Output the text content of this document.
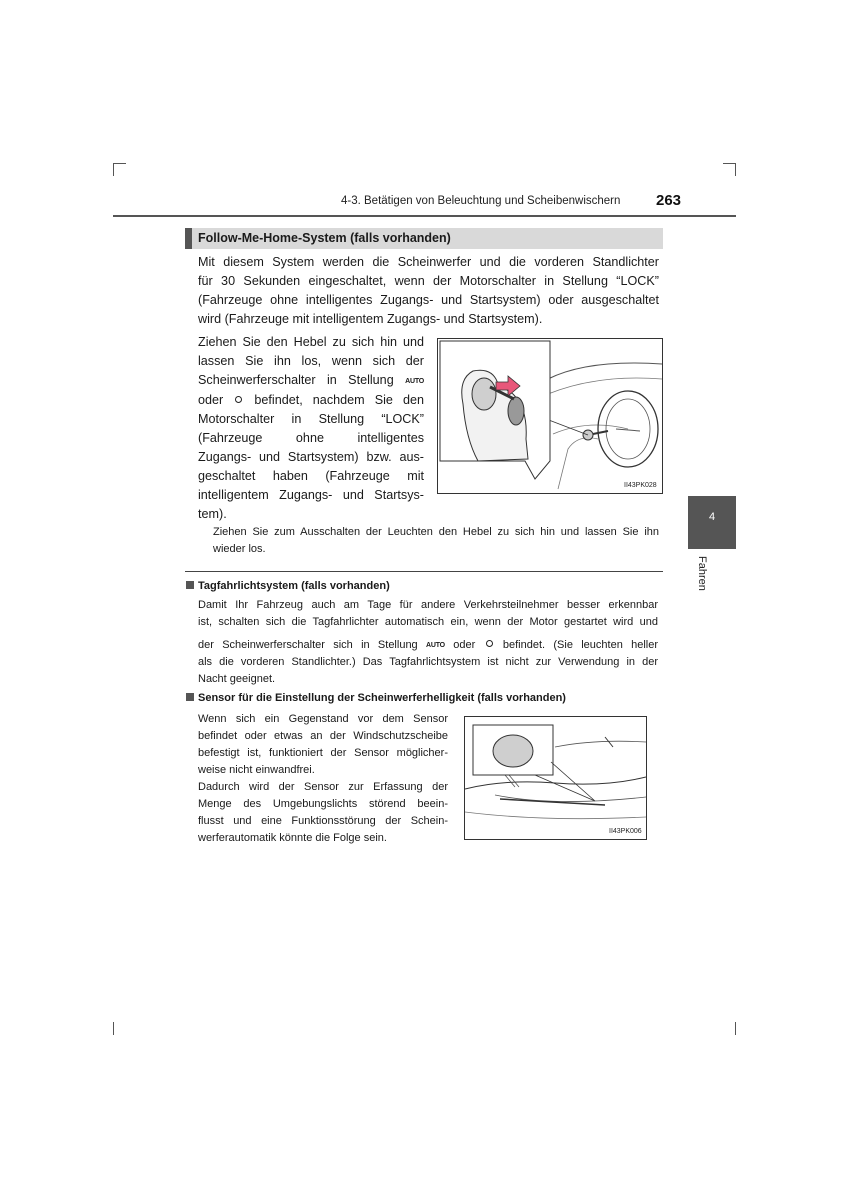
4-3. Betätigen von Beleuchtung und Scheibenwischern 263
4
Fahren
Follow-Me-Home-System (falls vorhanden)
Mit diesem System werden die Scheinwerfer und die vorderen Standlichter
für 30 Sekunden eingeschaltet, wenn der Motorschalter in Stellung “LOCK”
(Fahrzeuge ohne intelligentes Zugangs- und Startsystem) oder ausgeschaltet
wird (Fahrzeuge mit intelligentem Zugangs- und Startsystem).
Ziehen Sie den Hebel zu sich hin und
lassen Sie ihn los, wenn sich der
Scheinwerferschalter in Stellung AUTO
oder befindet, nachdem Sie den
Motorschalter in Stellung “LOCK”
(Fahrzeuge ohne intelligentes
Zugangs- und Startsystem) bzw. aus-
geschaltet haben (Fahrzeuge mit
intelligentem Zugangs- und Startsys-
tem).
II43PK028
Ziehen Sie zum Ausschalten der Leuchten den Hebel zu sich hin und lassen Sie ihn
wieder los.
Tagfahrlichtsystem (falls vorhanden)
Damit Ihr Fahrzeug auch am Tage für andere Verkehrsteilnehmer besser erkennbar
ist, schalten sich die Tagfahrlichter automatisch ein, wenn der Motor gestartet wird und
der Scheinwerferschalter sich in Stellung AUTO oder	befindet. (Sie leuchten heller
als die vorderen Standlichter.) Das Tagfahrlichtsystem ist nicht zur Verwendung in der
Nacht geeignet.
Sensor für die Einstellung der Scheinwerferhelligkeit (falls vorhanden)
Wenn sich ein Gegenstand vor dem Sensor
befindet oder etwas an der Windschutzscheibe
befestigt ist, funktioniert der Sensor möglicher-
weise nicht einwandfrei.
Dadurch wird der Sensor zur Erfassung der
Menge des Umgebungslichts störend beein-
flusst und eine Funktionsstörung der Schein-
werferautomatik könnte die Folge sein.
II43PK006
